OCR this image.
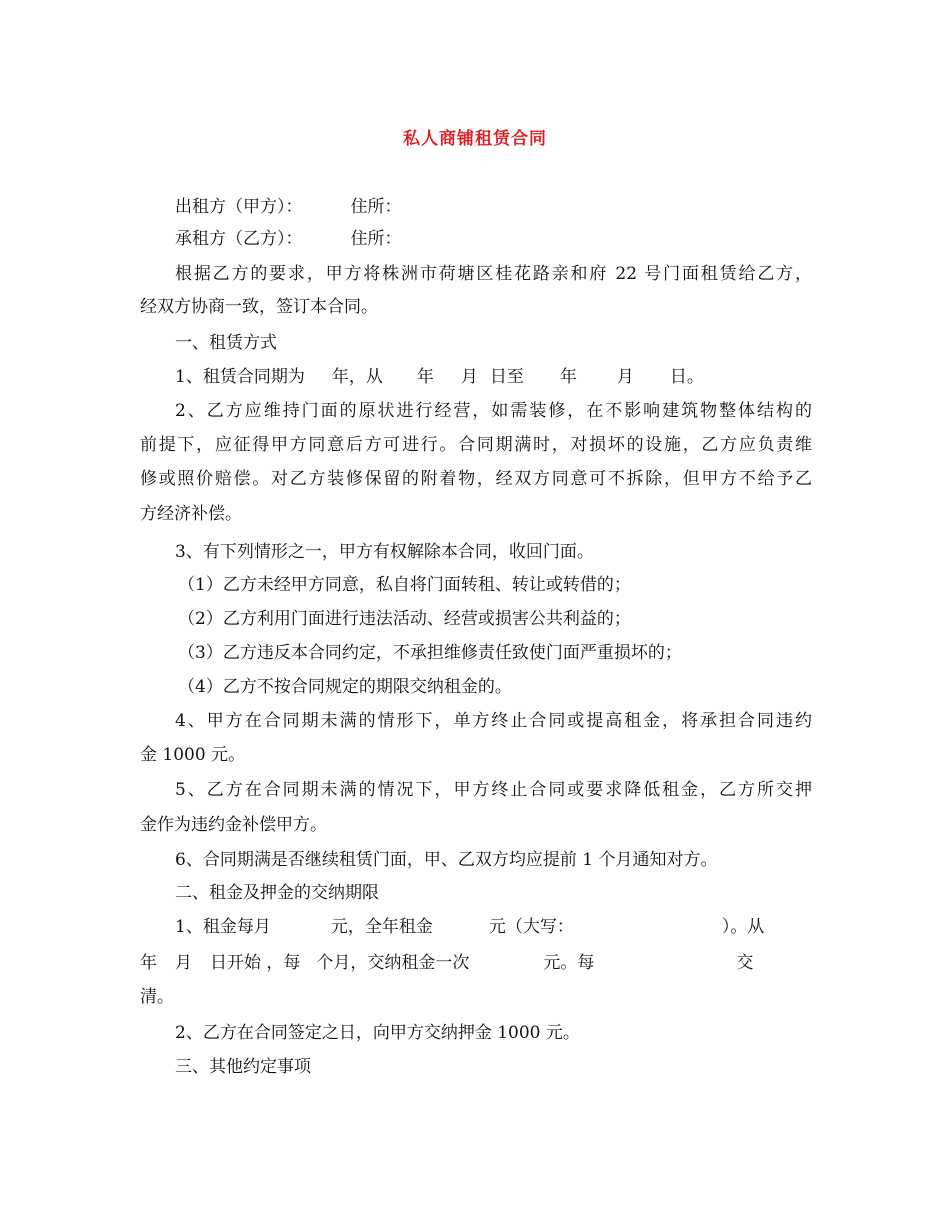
私人商铺租赁合同
出租方（甲方）：	住所：
承租方（乙方）：	住所：
根据乙方的要求，甲方将株洲市荷塘区桂花路亲和府 22 号门面租赁给乙方，
经双方协商一致，签订本合同。
一、租赁方式
1、租赁合同期为 年，从 年 月 日至 年 月 日。
2、乙方应维持门面的原状进行经营，如需装修，在不影响建筑物整体结构的
前提下，应征得甲方同意后方可进行。合同期满时，对损坏的设施，乙方应负责维
修或照价赔偿。对乙方装修保留的附着物，经双方同意可不拆除，但甲方不给予乙
方经济补偿。
3、有下列情形之一，甲方有权解除本合同，收回门面。
（1）乙方未经甲方同意，私自将门面转租、转让或转借的；
（2）乙方利用门面进行违法活动、经营或损害公共利益的；
（3）乙方违反本合同约定，不承担维修责任致使门面严重损坏的；
（4）乙方不按合同规定的期限交纳租金的。
4、甲方在合同期未满的情形下，单方终止合同或提高租金，将承担合同违约
金 1000 元。
5、乙方在合同期未满的情况下，甲方终止合同或要求降低租金，乙方所交押
金作为违约金补偿甲方。
6、合同期满是否继续租赁门面，甲、乙双方均应提前 1 个月通知对方。
二、租金及押金的交纳期限
1、租金每月	元，全年租金	元（大写：	）。从
年 月 日开始 ，每 个月，交纳租金一次	元。每	交
清。
2、乙方在合同签定之日，向甲方交纳押金 1000 元。
三、其他约定事项
